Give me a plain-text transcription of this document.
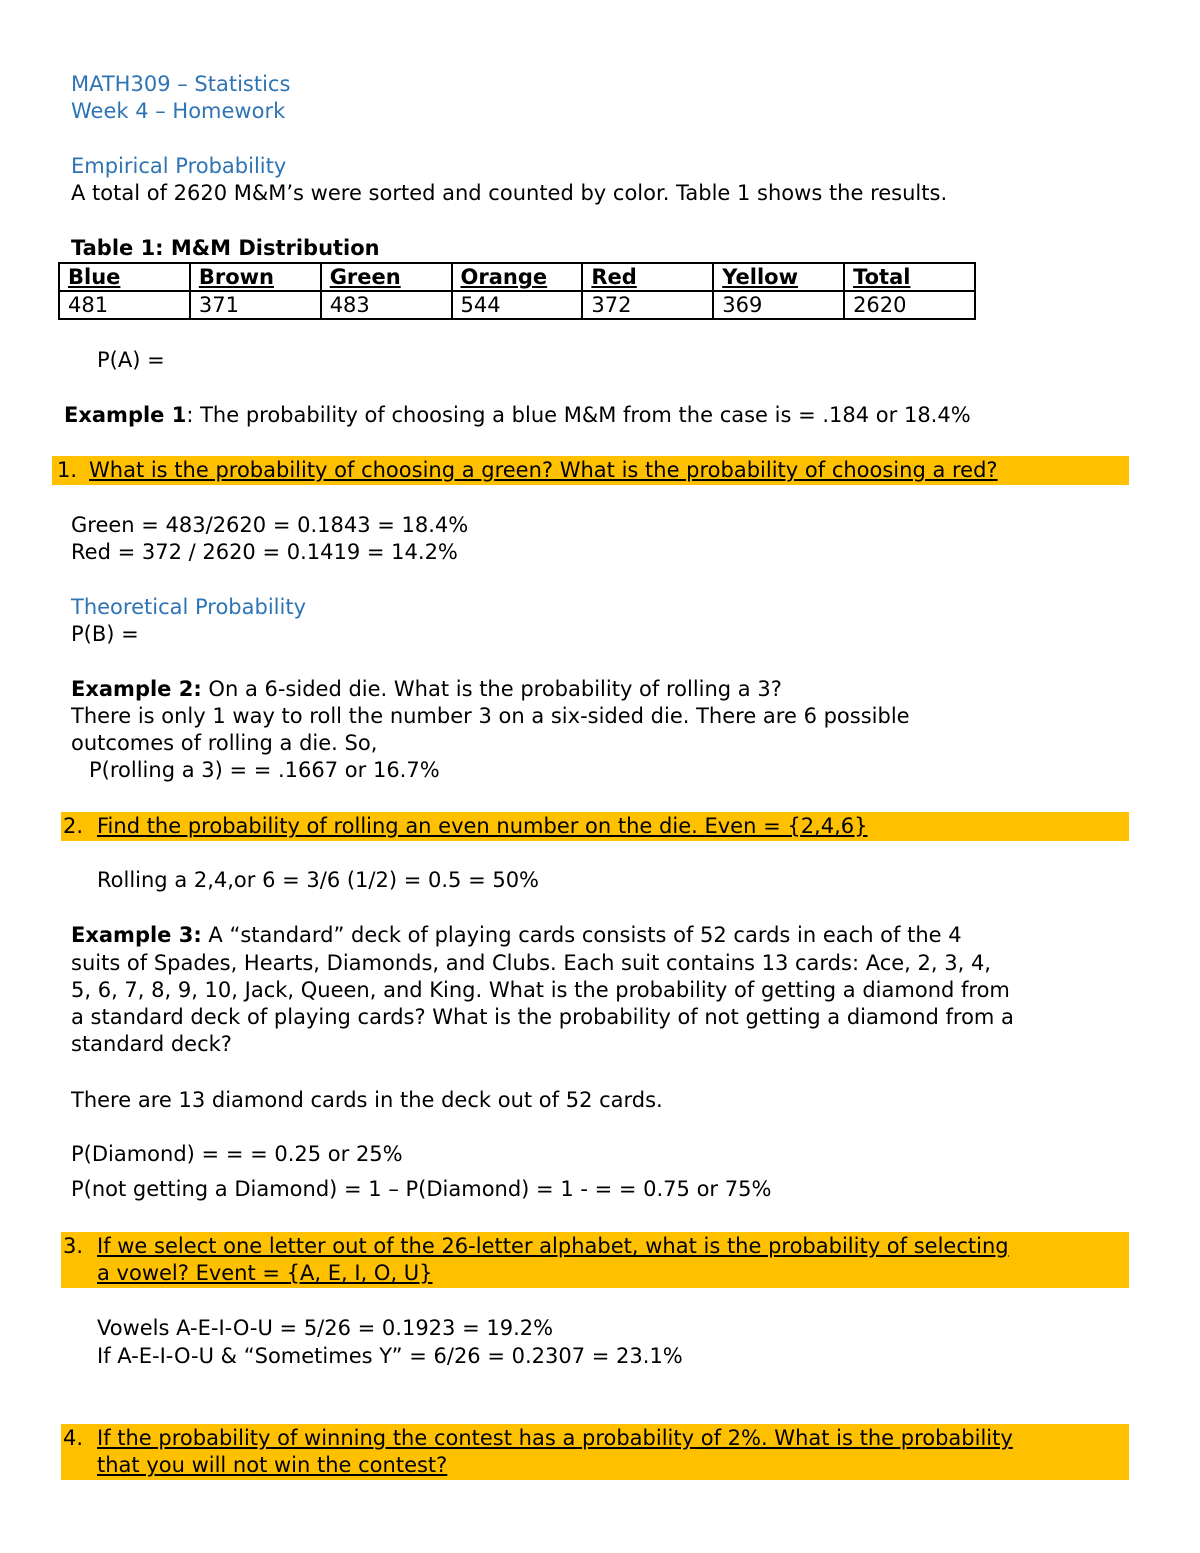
MATH309 – Statistics
Week 4 – Homework
Empirical Probability
A total of 2620 M&M’s were sorted and counted by color. Table 1 shows the results.
Table 1: M&M Distribution
Blue	Brown	Green	Orange	Red	Yellow	Total
481	371	483	544	372	369	2620
P(A) =
Example 1: The probability of choosing a blue M&M from the case is = .184 or 18.4%
1. What is the probability of choosing a green? What is the probability of choosing a red?
Green = 483/2620 = 0.1843 = 18.4%
Red = 372 / 2620 = 0.1419 = 14.2%
Theoretical Probability
P(B) =
Example 2: On a 6-sided die. What is the probability of rolling a 3?
There is only 1 way to roll the number 3 on a six-sided die. There are 6 possible
outcomes of rolling a die. So,
P(rolling a 3) = = .1667 or 16.7%
2. Find the probability of rolling an even number on the die. Even = {2,4,6}
Rolling a 2,4,or 6 = 3/6 (1/2) = 0.5 = 50%
Example 3: A “standard” deck of playing cards consists of 52 cards in each of the 4
suits of Spades, Hearts, Diamonds, and Clubs. Each suit contains 13 cards: Ace, 2, 3, 4,
5, 6, 7, 8, 9, 10, Jack, Queen, and King. What is the probability of getting a diamond from
a standard deck of playing cards? What is the probability of not getting a diamond from a
standard deck?
There are 13 diamond cards in the deck out of 52 cards.
P(Diamond) = = = 0.25 or 25%
P(not getting a Diamond) = 1 – P(Diamond) = 1 - = = 0.75 or 75%
3. If we select one letter out of the 26-letter alphabet, what is the probability of selecting
a vowel? Event = {A, E, I, O, U}
Vowels A-E-I-O-U = 5/26 = 0.1923 = 19.2%
If A-E-I-O-U & “Sometimes Y” = 6/26 = 0.2307 = 23.1%
4. If the probability of winning the contest has a probability of 2%. What is the probability
that you will not win the contest?
